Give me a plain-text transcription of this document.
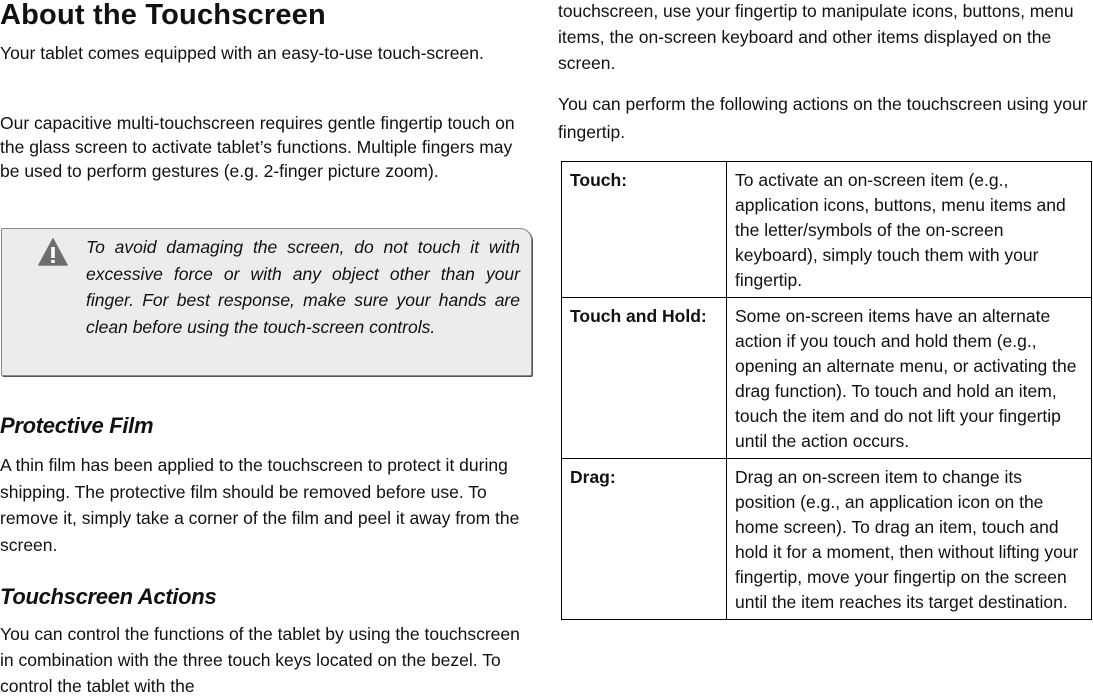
About the Touchscreen

Your tablet comes equipped with an easy-to-use touch-screen.

Our capacitive multi-touchscreen requires gentle fingertip touch on the glass screen to activate tablet’s functions. Multiple fingers may be used to perform gestures (e.g. 2-finger picture zoom).

To avoid damaging the screen, do not touch it with excessive force or with any object other than your finger. For best response, make sure your hands are clean before using the touch-screen controls.

Protective Film

A thin film has been applied to the touchscreen to protect it during shipping. The protective film should be removed before use. To remove it, simply take a corner of the film and peel it away from the screen.

Touchscreen Actions

You can control the functions of the tablet by using the touchscreen in combination with the three touch keys located on the bezel. To control the tablet with the

touchscreen, use your fingertip to manipulate icons, buttons, menu items, the on-screen keyboard and other items displayed on the screen.

You can perform the following actions on the touchscreen using your fingertip.

Touch:	To activate an on-screen item (e.g., application icons, buttons, menu items and the letter/symbols of the on-screen keyboard), simply touch them with your fingertip.
Touch and Hold:	Some on-screen items have an alternate action if you touch and hold them (e.g., opening an alternate menu, or activating the drag function). To touch and hold an item, touch the item and do not lift your fingertip until the action occurs.
Drag:	Drag an on-screen item to change its position (e.g., an application icon on the home screen). To drag an item, touch and hold it for a moment, then without lifting your fingertip, move your fingertip on the screen until the item reaches its target destination.
